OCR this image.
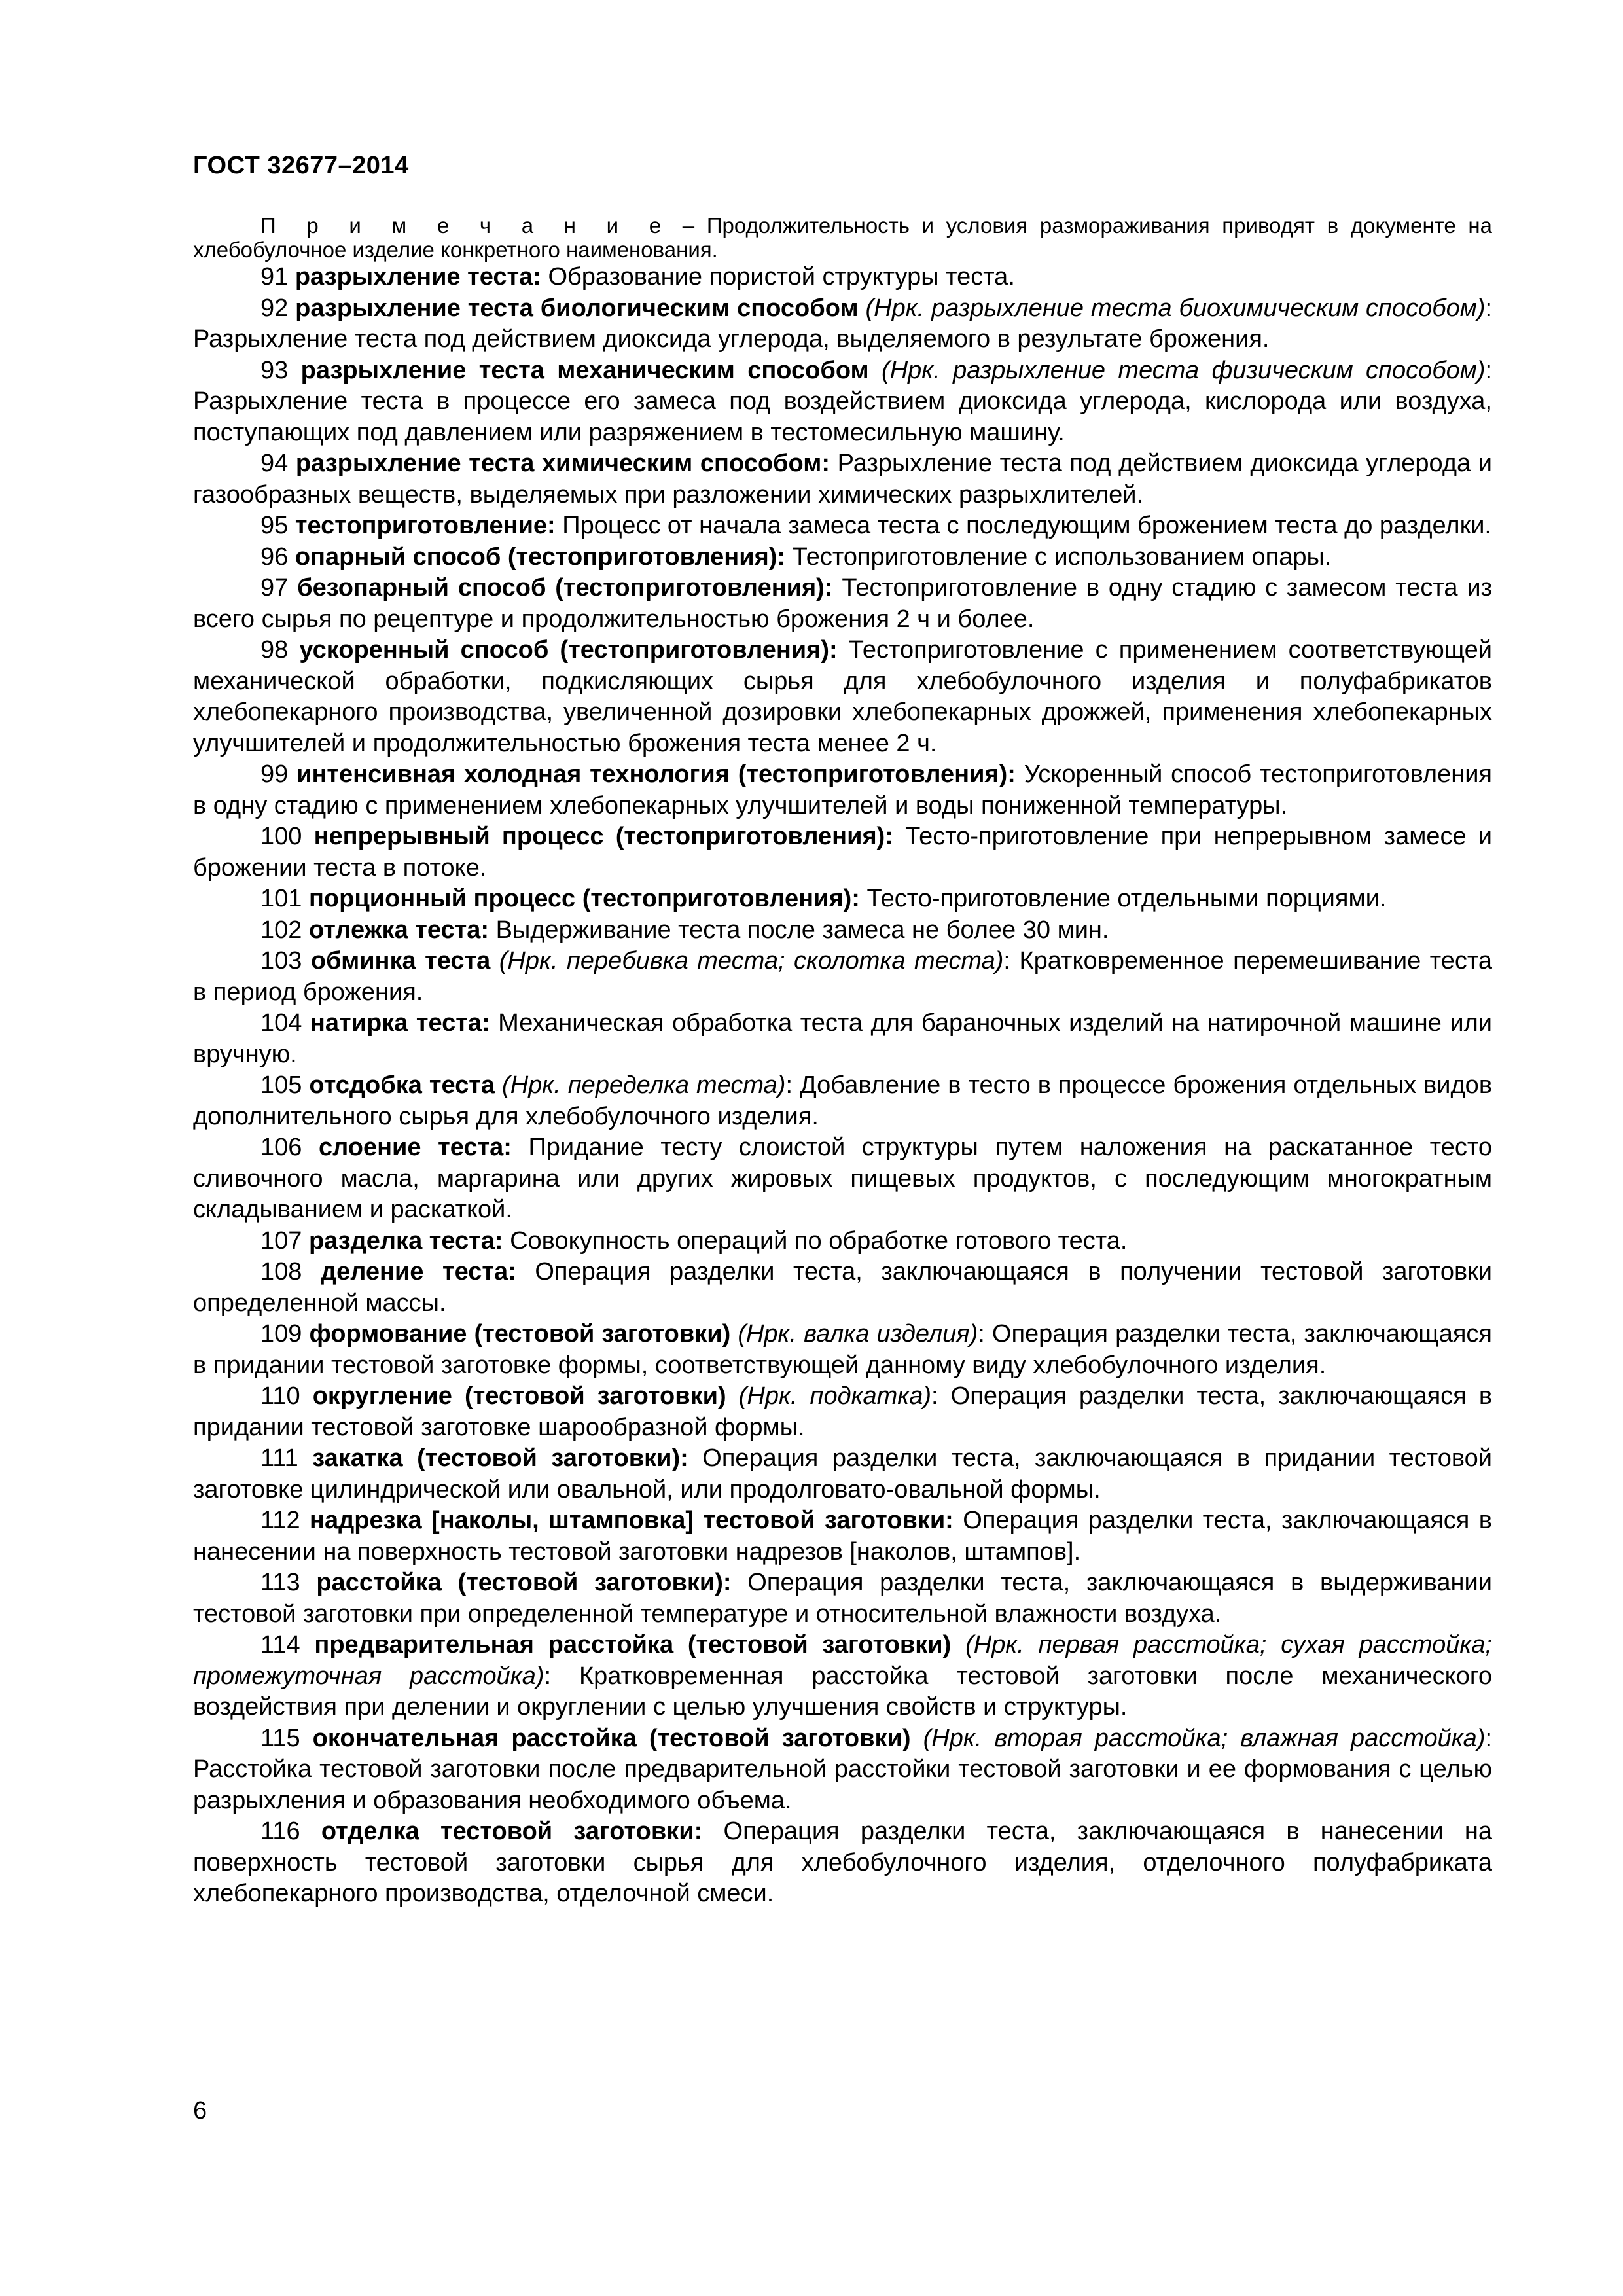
ГОСТ 32677–2014

П р и м е ч а н и е – Продолжительность и условия размораживания приводят в документе на хлебобулочное изделие конкретного наименования.

91 разрыхление теста: Образование пористой структуры теста.

92 разрыхление теста биологическим способом (Нрк. разрыхление теста биохимическим способом): Разрыхление теста под действием диоксида углерода, выделяемого в результате брожения.

93 разрыхление теста механическим способом (Нрк. разрыхление теста физическим способом): Разрыхление теста в процессе его замеса под воздействием диоксида углерода, кислорода или воздуха, поступающих под давлением или разряжением в тестомесильную машину.

94 разрыхление теста химическим способом: Разрыхление теста под действием диоксида углерода и газообразных веществ, выделяемых при разложении химических разрыхлителей.

95 тестоприготовление: Процесс от начала замеса теста с последующим брожением теста до разделки.

96 опарный способ (тестоприготовления): Тестоприготовление с использованием опары.

97 безопарный способ (тестоприготовления): Тестоприготовление в одну стадию с замесом теста из всего сырья по рецептуре и продолжительностью брожения 2 ч и более.

98 ускоренный способ (тестоприготовления): Тестоприготовление с применением соответствующей механической обработки, подкисляющих сырья для хлебобулочного изделия и полуфабрикатов хлебопекарного производства, увеличенной дозировки хлебопекарных дрожжей, применения хлебопекарных улучшителей и продолжительностью брожения теста менее 2 ч.

99 интенсивная холодная технология (тестоприготовления): Ускоренный способ тестоприготовления в одну стадию с применением хлебопекарных улучшителей и воды пониженной температуры.

100 непрерывный процесс (тестоприготовления): Тесто-приготовление при непрерывном замесе и брожении теста в потоке.

101 порционный процесс (тестоприготовления): Тесто-приготовление отдельными порциями.

102 отлежка теста: Выдерживание теста после замеса не более 30 мин.

103 обминка теста (Нрк. перебивка теста; сколотка теста): Кратковременное перемешивание теста в период брожения.

104 натирка теста: Механическая обработка теста для бараночных изделий на натирочной машине или вручную.

105 отсдобка теста (Нрк. переделка теста): Добавление в тесто в процессе брожения отдельных видов дополнительного сырья для хлебобулочного изделия.

106 слоение теста: Придание тесту слоистой структуры путем наложения на раскатанное тесто сливочного масла, маргарина или других жировых пищевых продуктов, с последующим многократным складыванием и раскаткой.

107 разделка теста: Совокупность операций по обработке готового теста.

108 деление теста: Операция разделки теста, заключающаяся в получении тестовой заготовки определенной массы.

109 формование (тестовой заготовки) (Нрк. валка изделия): Операция разделки теста, заключающаяся в придании тестовой заготовке формы, соответствующей данному виду хлебобулочного изделия.

110 округление (тестовой заготовки) (Нрк. подкатка): Операция разделки теста, заключающаяся в придании тестовой заготовке шарообразной формы.

111 закатка (тестовой заготовки): Операция разделки теста, заключающаяся в придании тестовой заготовке цилиндрической или овальной, или продолговато-овальной формы.

112 надрезка [наколы, штамповка] тестовой заготовки: Операция разделки теста, заключающаяся в нанесении на поверхность тестовой заготовки надрезов [наколов, штампов].

113 расстойка (тестовой заготовки): Операция разделки теста, заключающаяся в выдерживании тестовой заготовки при определенной температуре и относительной влажности воздуха.

114 предварительная расстойка (тестовой заготовки) (Нрк. первая расстойка; сухая расстойка; промежуточная расстойка): Кратковременная расстойка тестовой заготовки после механического воздействия при делении и округлении с целью улучшения свойств и структуры.

115 окончательная расстойка (тестовой заготовки) (Нрк. вторая расстойка; влажная расстойка): Расстойка тестовой заготовки после предварительной расстойки тестовой заготовки и ее формования с целью разрыхления и образования необходимого объема.

116 отделка тестовой заготовки: Операция разделки теста, заключающаяся в нанесении на поверхность тестовой заготовки сырья для хлебобулочного изделия, отделочного полуфабриката хлебопекарного производства, отделочной смеси.

6
